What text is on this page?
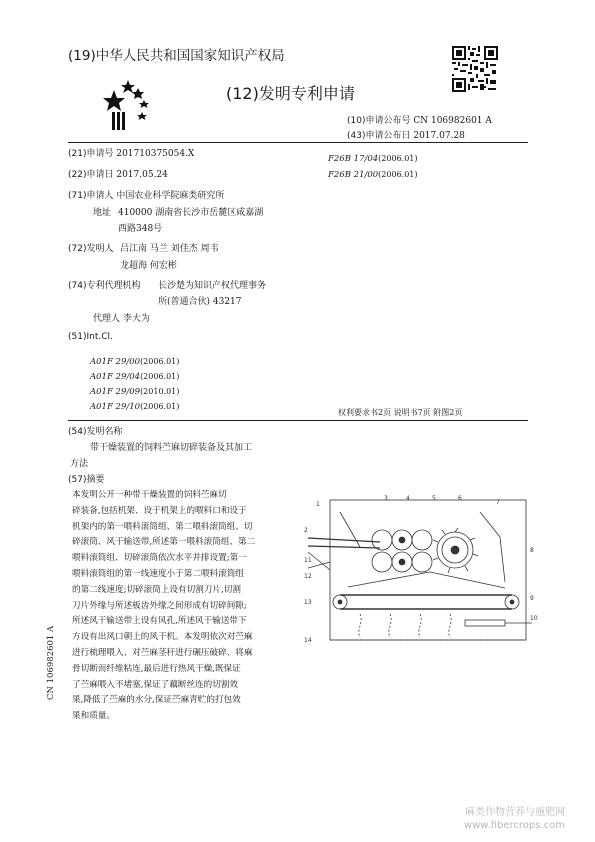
(19)中华人民共和国国家知识产权局
(12)发明专利申请
(10)申请公布号 CN 106982601 A
(43)申请公布日 2017.07.28
(21)申请号 201710375054.X
(22)申请日 2017.05.24
(71)申请人 中国农业科学院麻类研究所
地址 410000 湖南省长沙市岳麓区咸嘉湖
西路348号
(72)发明人 吕江南 马兰 刘佳杰 周韦
龙超海 何宏彬
(74)专利代理机构 长沙楚为知识产权代理事务
所(普通合伙) 43217
代理人 李大为
(51)Int.Cl.
A01F 29/00(2006.01)
A01F 29/04(2006.01)
A01F 29/09(2010.01)
A01F 29/10(2006.01)
F26B 17/04(2006.01)
F26B 21/00(2006.01)
权利要求书2页 说明书7页 附图2页
(54)发明名称
带干燥装置的饲料苎麻切碎装备及其加工
方法
(57)摘要
本发明公开一种带干燥装置的饲料苎麻切
碎装备,包括机架、设于机架上的喂料口和设于
机架内的第一喂料滚筒组、第二喂料滚筒组、切
碎滚筒、风干输送带,所述第一喂料滚筒组、第二
喂料滚筒组、切碎滚筒依次水平并排设置;第一
喂料滚筒组的第一线速度小于第二喂料滚筒组
的第二线速度;切碎滚筒上设有切割刀片,切割
刀片外缘与所述板齿外缘之间形成有切碎间隙;
所述风干输送带上设有风孔,所述风干输送带下
方设有出风口朝上的风干机。本发明依次对苎麻
进行梳理喂入、对苎麻茎秆进行碾压破碎、将麻
骨切断而纤维粘连,最后进行热风干燥,既保证
了苎麻喂入不堵塞,保证了藕断丝连的切割效
果,降低了苎麻的水分,保证苎麻青贮的打包效
果和质量。
1
2
3	4	5	6
7
8
9
10
11
12
13
14
CN 106982601 A
麻类作物营养与施肥网
www.fibercrops.com
